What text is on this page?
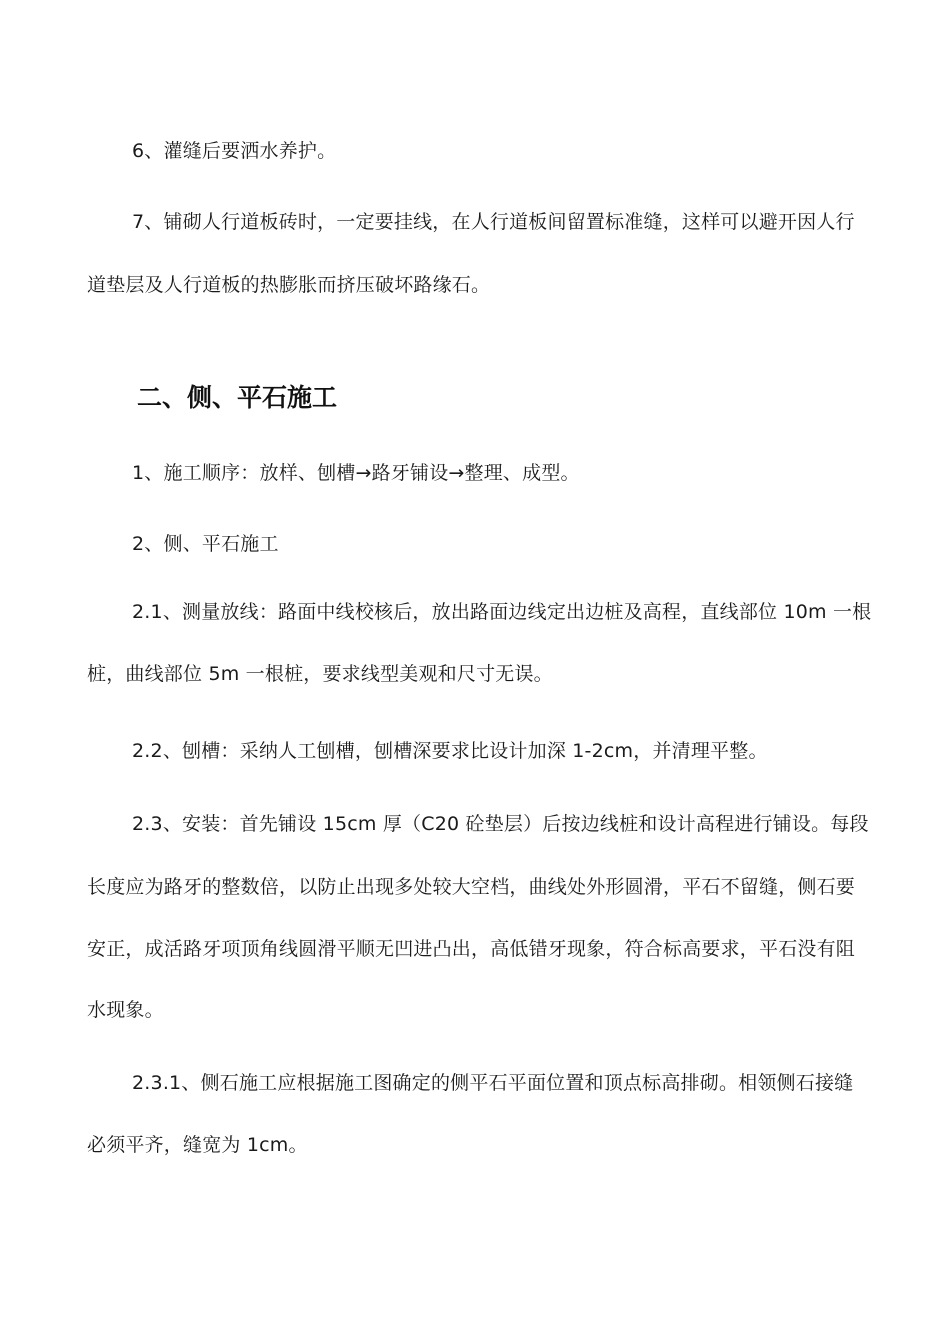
6、灌缝后要洒水养护。
7、铺砌人行道板砖时，一定要挂线，在人行道板间留置标准缝，这样可以避开因人行
道垫层及人行道板的热膨胀而挤压破坏路缘石。
二、侧、平石施工
1、施工顺序：放样、刨槽→路牙铺设→整理、成型。
2、侧、平石施工
2.1、测量放线：路面中线校核后，放出路面边线定出边桩及高程，直线部位 10m 一根
桩，曲线部位 5m 一根桩，要求线型美观和尺寸无误。
2.2、刨槽：采纳人工刨槽，刨槽深要求比设计加深 1-2cm，并清理平整。
2.3、安装：首先铺设 15cm 厚（C20 砼垫层）后按边线桩和设计高程进行铺设。每段
长度应为路牙的整数倍，以防止出现多处较大空档，曲线处外形圆滑，平石不留缝，侧石要
安正，成活路牙项顶角线圆滑平顺无凹进凸出，高低错牙现象，符合标高要求，平石没有阻
水现象。
2.3.1、侧石施工应根据施工图确定的侧平石平面位置和顶点标高排砌。相领侧石接缝
必须平齐，缝宽为 1cm。
